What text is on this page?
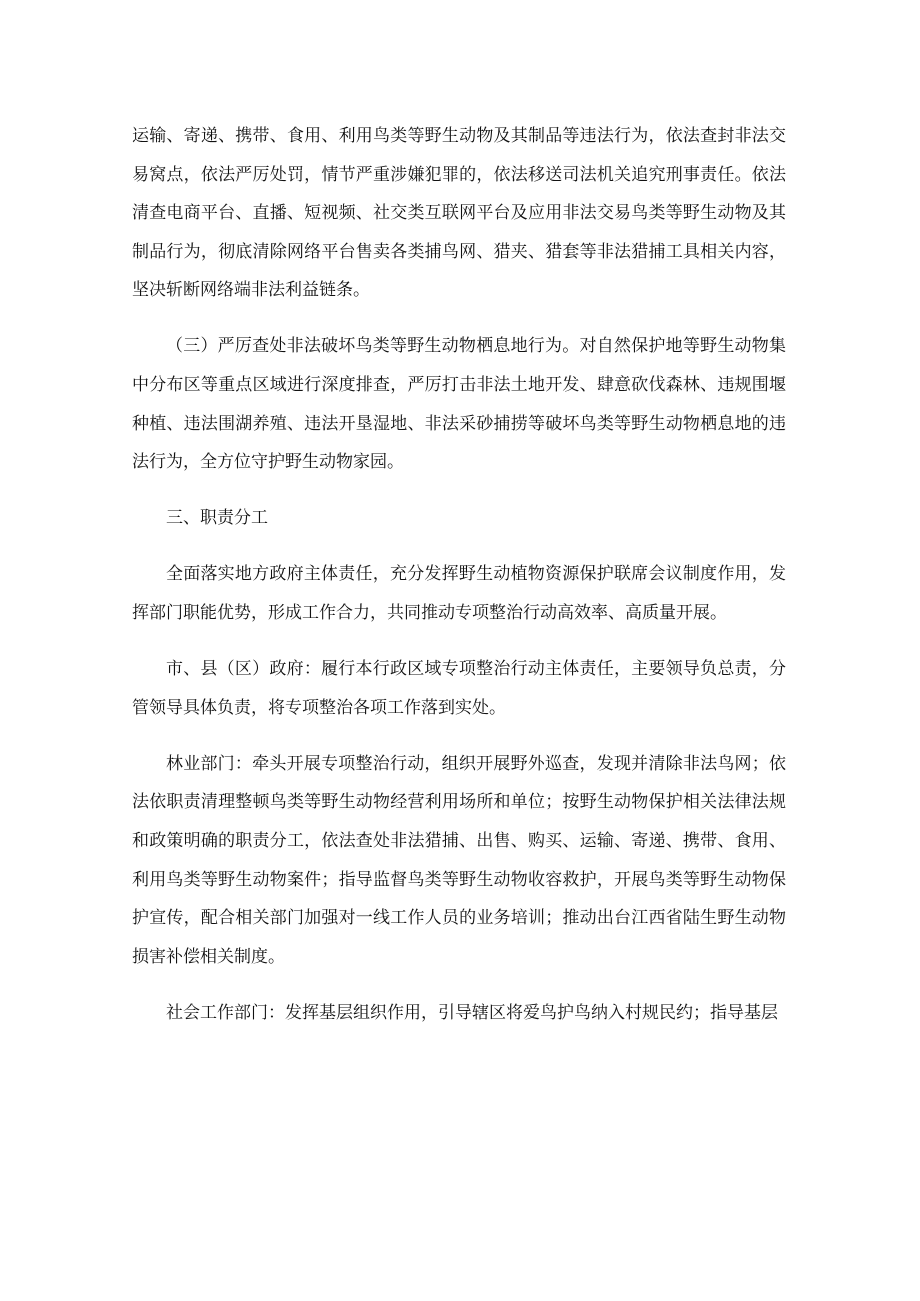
运输、寄递、携带、食用、利用鸟类等野生动物及其制品等违法行为，依法查封非法交易窝点，依法严厉处罚，情节严重涉嫌犯罪的，依法移送司法机关追究刑事责任。依法清查电商平台、直播、短视频、社交类互联网平台及应用非法交易鸟类等野生动物及其制品行为，彻底清除网络平台售卖各类捕鸟网、猎夹、猎套等非法猎捕工具相关内容，坚决斩断网络端非法利益链条。

（三）严厉查处非法破坏鸟类等野生动物栖息地行为。对自然保护地等野生动物集中分布区等重点区域进行深度排查，严厉打击非法土地开发、肆意砍伐森林、违规围堰种植、违法围湖养殖、违法开垦湿地、非法采砂捕捞等破坏鸟类等野生动物栖息地的违法行为，全方位守护野生动物家园。

三、职责分工

全面落实地方政府主体责任，充分发挥野生动植物资源保护联席会议制度作用，发挥部门职能优势，形成工作合力，共同推动专项整治行动高效率、高质量开展。

市、县（区）政府：履行本行政区域专项整治行动主体责任，主要领导负总责，分管领导具体负责，将专项整治各项工作落到实处。

林业部门：牵头开展专项整治行动，组织开展野外巡查，发现并清除非法鸟网；依法依职责清理整顿鸟类等野生动物经营利用场所和单位；按野生动物保护相关法律法规和政策明确的职责分工，依法查处非法猎捕、出售、购买、运输、寄递、携带、食用、利用鸟类等野生动物案件；指导监督鸟类等野生动物收容救护，开展鸟类等野生动物保护宣传，配合相关部门加强对一线工作人员的业务培训；推动出台江西省陆生野生动物损害补偿相关制度。

社会工作部门：发挥基层组织作用，引导辖区将爱鸟护鸟纳入村规民约；指导基层
